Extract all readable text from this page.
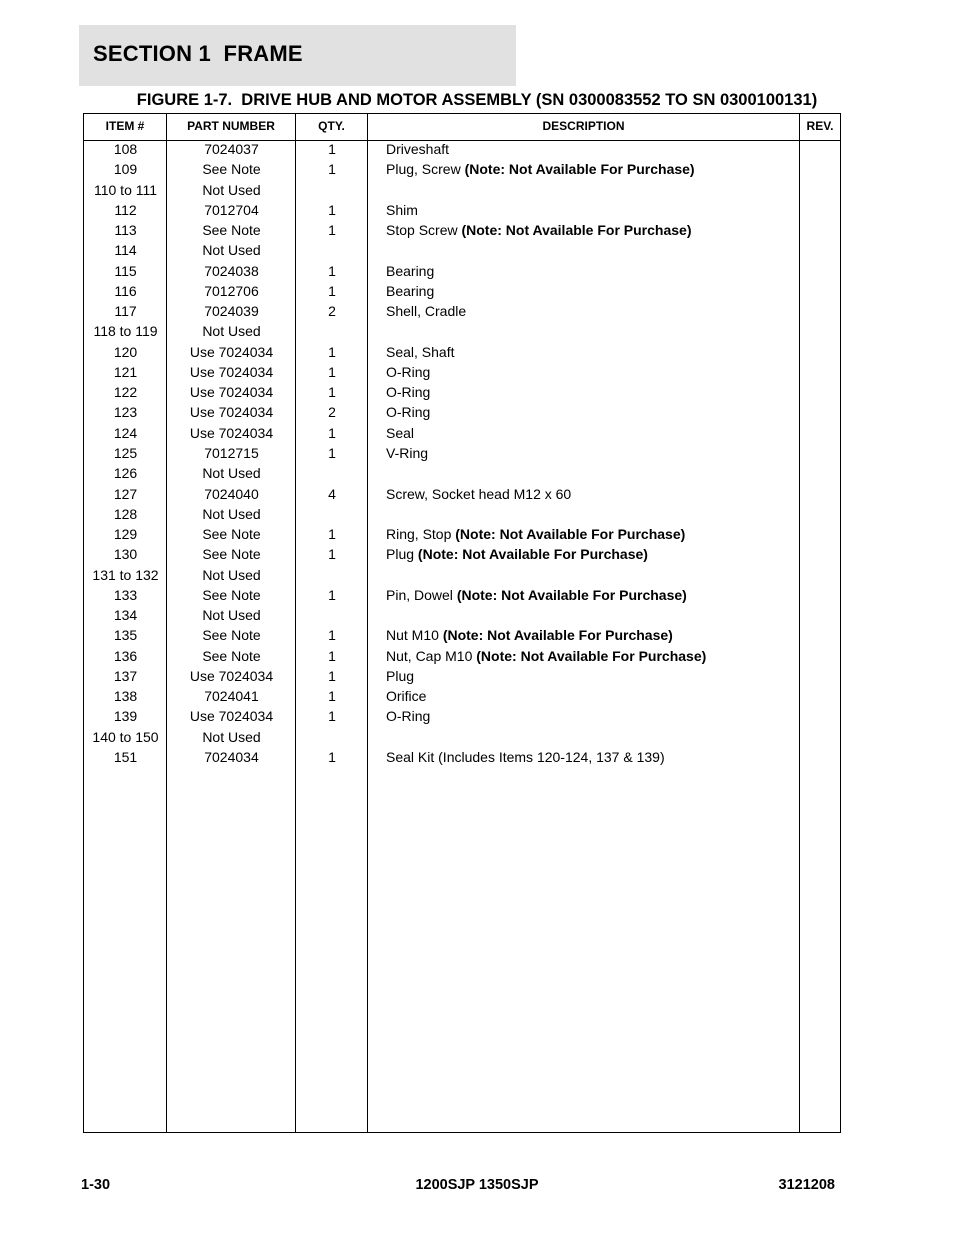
SECTION 1  FRAME
FIGURE 1-7.  DRIVE HUB AND MOTOR ASSEMBLY (SN 0300083552 TO SN 0300100131)
ITEM #	PART NUMBER	QTY.	DESCRIPTION	REV.
108	7024037	1	Driveshaft
109	See Note	1	Plug, Screw (Note: Not Available For Purchase)
110 to 111	Not Used
112	7012704	1	Shim
113	See Note	1	Stop Screw (Note: Not Available For Purchase)
114	Not Used
115	7024038	1	Bearing
116	7012706	1	Bearing
117	7024039	2	Shell, Cradle
118 to 119	Not Used
120	Use 7024034	1	Seal, Shaft
121	Use 7024034	1	O-Ring
122	Use 7024034	1	O-Ring
123	Use 7024034	2	O-Ring
124	Use 7024034	1	Seal
125	7012715	1	V-Ring
126	Not Used
127	7024040	4	Screw, Socket head M12 x 60
128	Not Used
129	See Note	1	Ring, Stop (Note: Not Available For Purchase)
130	See Note	1	Plug (Note: Not Available For Purchase)
131 to 132	Not Used
133	See Note	1	Pin, Dowel (Note: Not Available For Purchase)
134	Not Used
135	See Note	1	Nut M10 (Note: Not Available For Purchase)
136	See Note	1	Nut, Cap M10 (Note: Not Available For Purchase)
137	Use 7024034	1	Plug
138	7024041	1	Orifice
139	Use 7024034	1	O-Ring
140 to 150	Not Used
151	7024034	1	Seal Kit (Includes Items 120-124, 137 & 139)
1-30	1200SJP 1350SJP	3121208
